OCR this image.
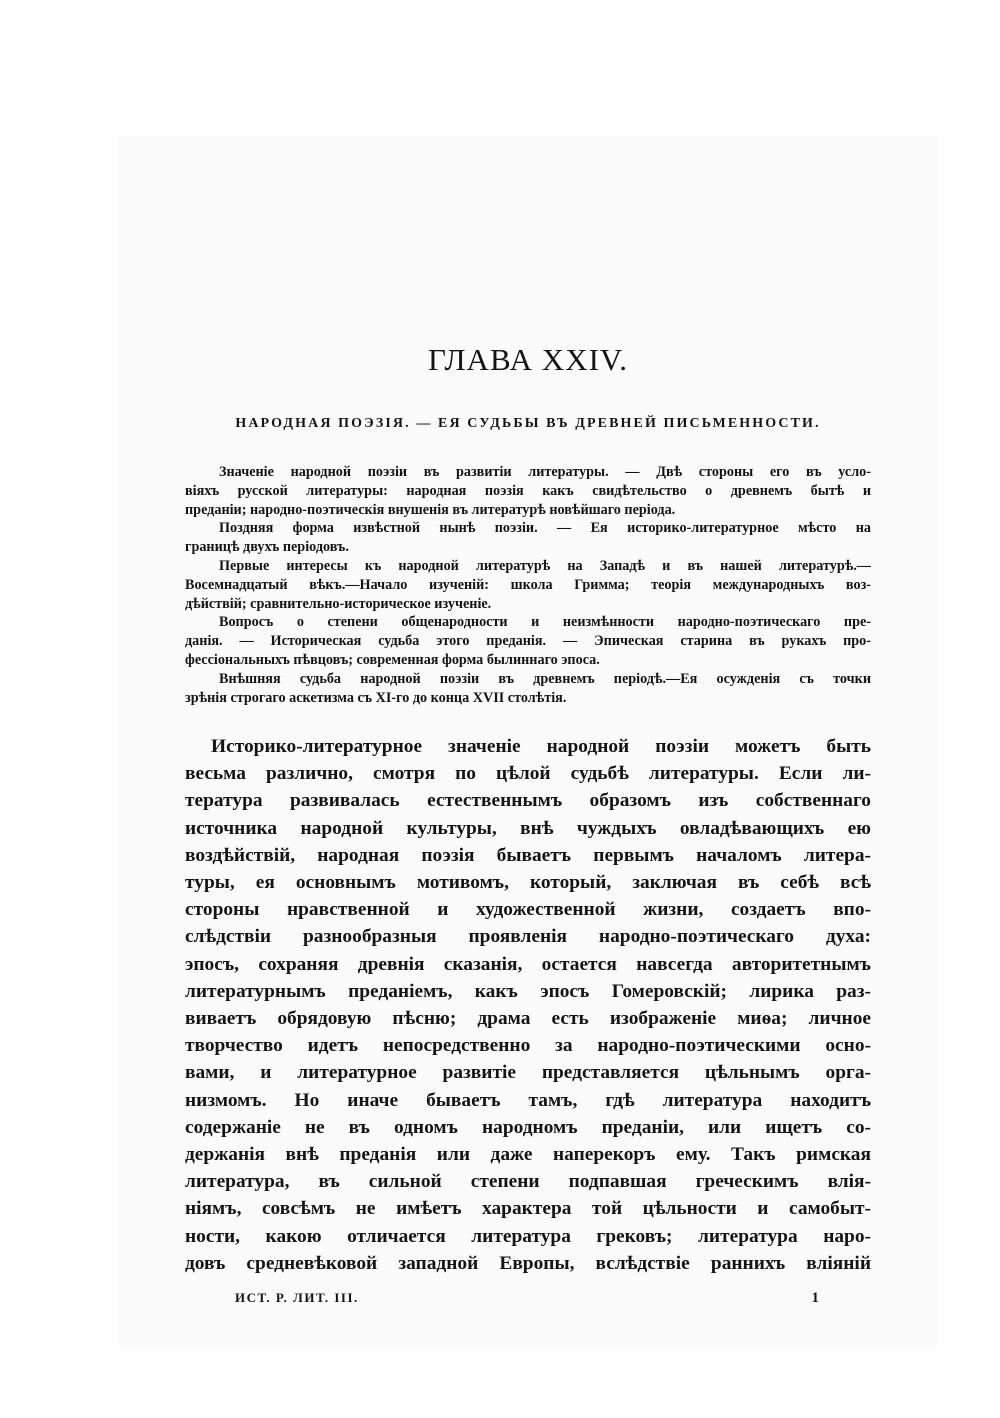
ГЛАВА XXIV.
НАРОДНАЯ ПОЭЗІЯ. — ЕЯ СУДЬБЫ ВЪ ДРЕВНЕЙ ПИСЬМЕННОСТИ.
Значеніе народной поэзіи въ развитіи литературы. — Двѣ стороны его въ усло-
віяхъ русской литературы: народная поэзія какъ свидѣтельство о древнемъ бытѣ и
преданіи; народно-поэтическія внушенія въ литературѣ новѣйшаго періода.
Поздняя форма извѣстной нынѣ поэзіи. — Ея историко-литературное мѣсто на
границѣ двухъ періодовъ.
Первые интересы къ народной литературѣ на Западѣ и въ нашей литературѣ.—
Восемнадцатый вѣкъ.—Начало изученій: школа Гримма; теорія международныхъ воз-
дѣйствій; сравнительно-историческое изученіе.
Вопросъ о степени общенародности и неизмѣнности народно-поэтическаго пре-
данія. — Историческая судьба этого преданія. — Эпическая старина въ рукахъ про-
фессіональныхъ пѣвцовъ; современная форма былиннаго эпоса.
Внѣшняя судьба народной поэзіи въ древнемъ періодѣ.—Ея осужденія съ точки
зрѣнія строгаго аскетизма съ XI-го до конца XVII столѣтія.
Историко-литературное значеніе народной поэзіи можетъ быть
весьма различно, смотря по цѣлой судьбѣ литературы. Если ли-
тература развивалась естественнымъ образомъ изъ собственнаго
источника народной культуры, внѣ чуждыхъ овладѣвающихъ ею
воздѣйствій, народная поэзія бываетъ первымъ началомъ литера-
туры, ея основнымъ мотивомъ, который, заключая въ себѣ всѣ
стороны нравственной и художественной жизни, создаетъ впо-
слѣдствіи разнообразныя проявленія народно-поэтическаго духа:
эпосъ, сохраняя древнія сказанія, остается навсегда авторитетнымъ
литературнымъ преданіемъ, какъ эпосъ Гомеровскій; лирика раз-
виваетъ обрядовую пѣсню; драма есть изображеніе миѳа; личное
творчество идетъ непосредственно за народно-поэтическими осно-
вами, и литературное развитіе представляется цѣльнымъ орга-
низмомъ. Но иначе бываетъ тамъ, гдѣ литература находитъ
содержаніе не въ одномъ народномъ преданіи, или ищетъ со-
держанія внѣ преданія или даже наперекоръ ему. Такъ римская
литература, въ сильной степени подпавшая греческимъ влія-
ніямъ, совсѣмъ не имѣетъ характера той цѣльности и самобыт-
ности, какою отличается литература грековъ; литература наро-
довъ средневѣковой западной Европы, вслѣдствіе раннихъ вліяній
ИСТ. Р. ЛИТ. III.	1
